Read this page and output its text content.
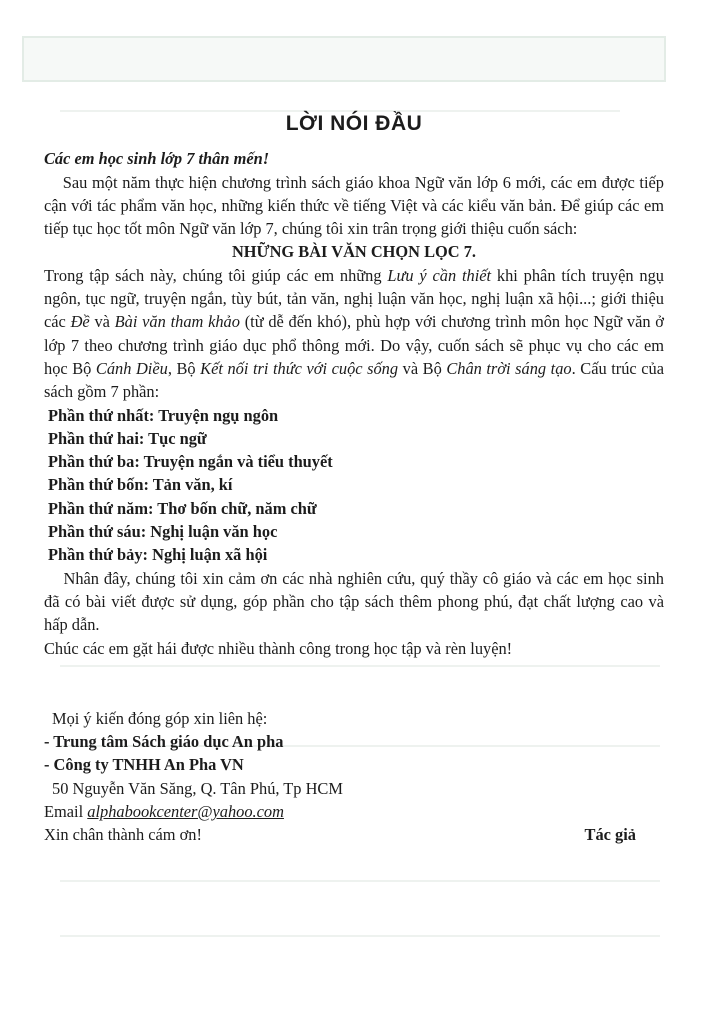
LỜI NÓI ĐẦU

Các em học sinh lớp 7 thân mến!

Sau một năm thực hiện chương trình sách giáo khoa Ngữ văn lớp 6 mới, các em được tiếp cận với tác phẩm văn học, những kiến thức về tiếng Việt và các kiểu văn bản. Để giúp các em tiếp tục học tốt môn Ngữ văn lớp 7, chúng tôi xin trân trọng giới thiệu cuốn sách:

NHỮNG BÀI VĂN CHỌN LỌC 7.

Trong tập sách này, chúng tôi giúp các em những Lưu ý cần thiết khi phân tích truyện ngụ ngôn, tục ngữ, truyện ngắn, tùy bút, tản văn, nghị luận văn học, nghị luận xã hội...; giới thiệu các Đề và Bài văn tham khảo (từ dễ đến khó), phù hợp với chương trình môn học Ngữ văn ở lớp 7 theo chương trình giáo dục phổ thông mới. Do vậy, cuốn sách sẽ phục vụ cho các em học Bộ Cánh Diều, Bộ Kết nối tri thức với cuộc sống và Bộ Chân trời sáng tạo. Cấu trúc của sách gồm 7 phần:

Phần thứ nhất: Truyện ngụ ngôn
Phần thứ hai: Tục ngữ
Phần thứ ba: Truyện ngắn và tiểu thuyết
Phần thứ bốn: Tản văn, kí
Phần thứ năm: Thơ bốn chữ, năm chữ
Phần thứ sáu: Nghị luận văn học
Phần thứ bảy: Nghị luận xã hội

Nhân đây, chúng tôi xin cảm ơn các nhà nghiên cứu, quý thầy cô giáo và các em học sinh đã có bài viết được sử dụng, góp phần cho tập sách thêm phong phú, đạt chất lượng cao và hấp dẫn.

Chúc các em gặt hái được nhiều thành công trong học tập và rèn luyện!

Mọi ý kiến đóng góp xin liên hệ:
- Trung tâm Sách giáo dục An pha
- Công ty TNHH An Pha VN
50 Nguyễn Văn Săng, Q. Tân Phú, Tp HCM
Email alphabookcenter@yahoo.com
Xin chân thành cám ơn!	Tác giả
